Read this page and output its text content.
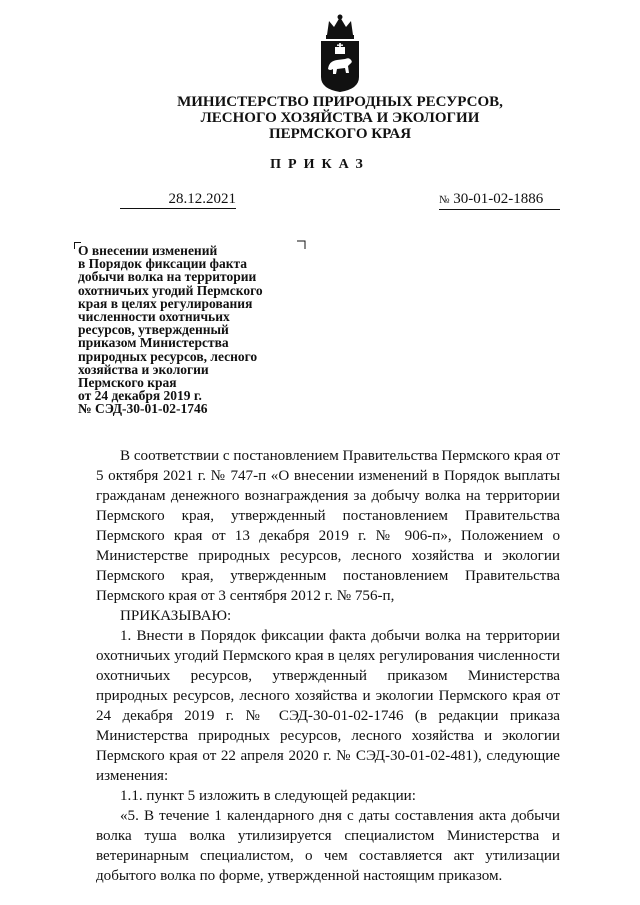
МИНИСТЕРСТВО ПРИРОДНЫХ РЕСУРСОВ,
ЛЕСНОГО ХОЗЯЙСТВА И ЭКОЛОГИИ
ПЕРМСКОГО КРАЯ
ПРИКАЗ
28.12.2021	№ 30-01-02-1886
О внесении изменений
в Порядок фиксации факта
добычи волка на территории
охотничьих угодий Пермского
края в целях регулирования
численности охотничьих
ресурсов, утвержденный
приказом Министерства
природных ресурсов, лесного
хозяйства и экологии
Пермского края
от 24 декабря 2019 г.
№ СЭД-30-01-02-1746

В соответствии с постановлением Правительства Пермского края от 5 октября 2021 г. № 747-п «О внесении изменений в Порядок выплаты гражданам денежного вознаграждения за добычу волка на территории Пермского края, утвержденный постановлением Правительства Пермского края от 13 декабря 2019 г. № 906-п», Положением о Министерстве природных ресурсов, лесного хозяйства и экологии Пермского края, утвержденным постановлением Правительства Пермского края от 3 сентября 2012 г. № 756-п,

ПРИКАЗЫВАЮ:

1. Внести в Порядок фиксации факта добычи волка на территории охотничьих угодий Пермского края в целях регулирования численности охотничьих ресурсов, утвержденный приказом Министерства природных ресурсов, лесного хозяйства и экологии Пермского края от 24 декабря 2019 г. № СЭД-30-01-02-1746 (в редакции приказа Министерства природных ресурсов, лесного хозяйства и экологии Пермского края от 22 апреля 2020 г. № СЭД-30-01-02-481), следующие изменения:

1.1. пункт 5 изложить в следующей редакции:

«5. В течение 1 календарного дня с даты составления акта добычи волка туша волка утилизируется специалистом Министерства и ветеринарным специалистом, о чем составляется акт утилизации добытого волка по форме, утвержденной настоящим приказом.
